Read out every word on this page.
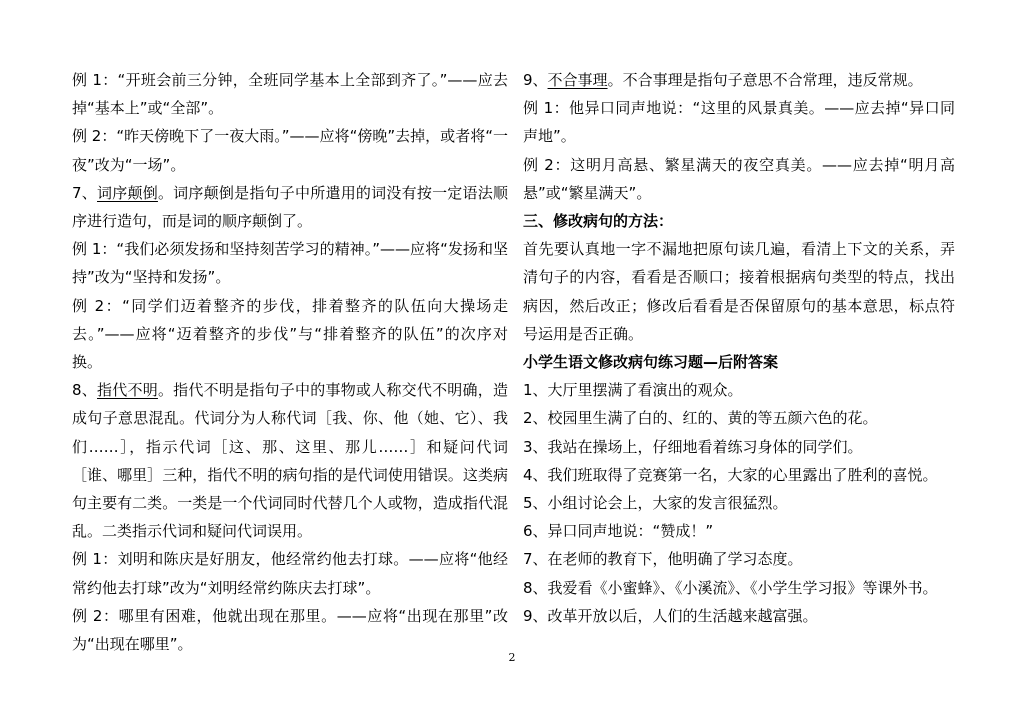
例 1：“开班会前三分钟，全班同学基本上全部到齐了。”——应去掉“基本上”或“全部”。

例 2：“昨天傍晚下了一夜大雨。”——应将“傍晚”去掉，或者将“一夜”改为“一场”。

7、词序颠倒。词序颠倒是指句子中所遣用的词没有按一定语法顺序进行造句，而是词的顺序颠倒了。

例 1：“我们必须发扬和坚持刻苦学习的精神。”——应将“发扬和坚持”改为“坚持和发扬”。

例 2：“同学们迈着整齐的步伐，排着整齐的队伍向大操场走去。”——应将“迈着整齐的步伐”与“排着整齐的队伍”的次序对换。

8、指代不明。指代不明是指句子中的事物或人称交代不明确，造成句子意思混乱。代词分为人称代词［我、你、他（她、它）、我们……］，指示代词［这、那、这里、那儿……］和疑问代词［谁、哪里］三种，指代不明的病句指的是代词使用错误。这类病句主要有二类。一类是一个代词同时代替几个人或物，造成指代混乱。二类指示代词和疑问代词误用。

例 1：刘明和陈庆是好朋友，他经常约他去打球。——应将“他经常约他去打球”改为“刘明经常约陈庆去打球”。

例 2：哪里有困难，他就出现在那里。——应将“出现在那里”改为“出现在哪里”。

9、不合事理。不合事理是指句子意思不合常理，违反常规。

例 1：他异口同声地说：“这里的风景真美。——应去掉“异口同声地”。

例 2：这明月高悬、繁星满天的夜空真美。——应去掉“明月高悬”或“繁星满天”。

三、修改病句的方法：

首先要认真地一字不漏地把原句读几遍，看清上下文的关系，弄清句子的内容，看看是否顺口；接着根据病句类型的特点，找出病因，然后改正；修改后看看是否保留原句的基本意思，标点符号运用是否正确。

小学生语文修改病句练习题—后附答案

1、大厅里摆满了看演出的观众。

2、校园里生满了白的、红的、黄的等五颜六色的花。

3、我站在操场上，仔细地看着练习身体的同学们。

4、我们班取得了竞赛第一名，大家的心里露出了胜利的喜悦。

5、小组讨论会上，大家的发言很猛烈。

6、异口同声地说：“赞成！”

7、在老师的教育下，他明确了学习态度。

8、我爱看《小蜜蜂》、《小溪流》、《小学生学习报》等课外书。

9、改革开放以后，人们的生活越来越富强。

2
